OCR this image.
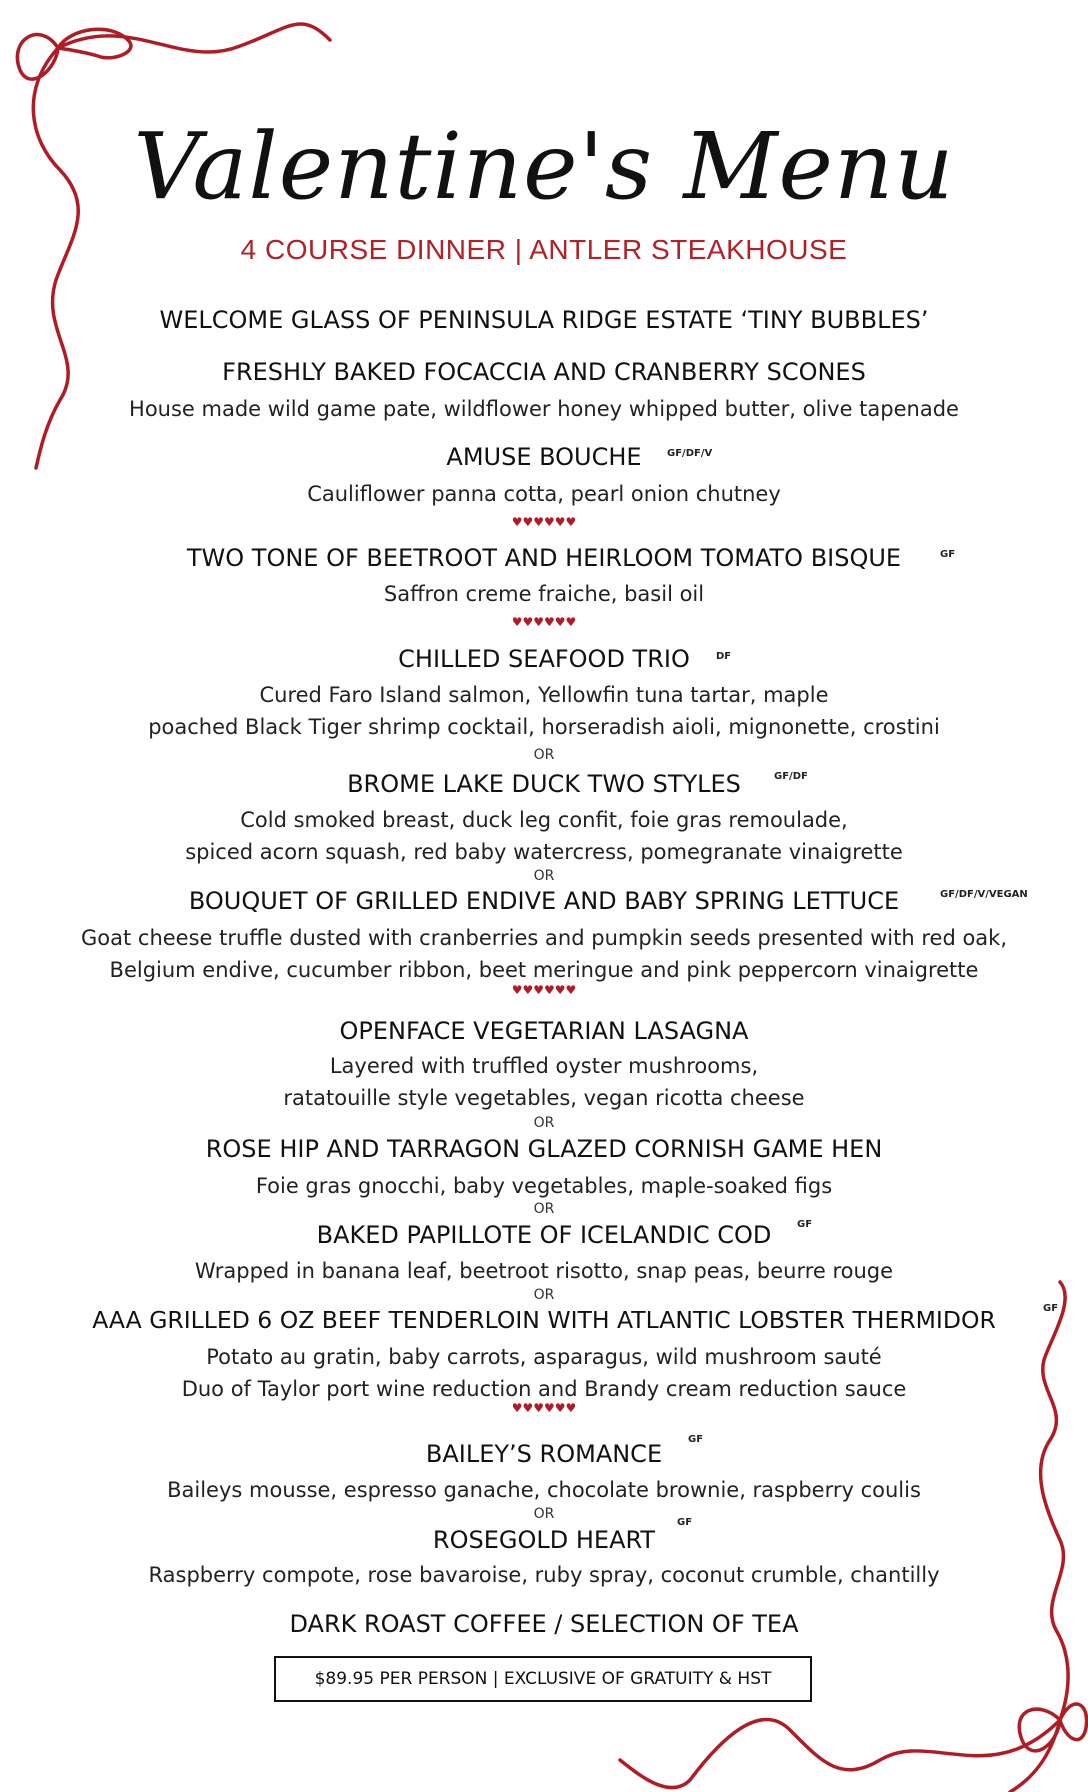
Valentine's Menu
4 COURSE DINNER | ANTLER STEAKHOUSE
WELCOME GLASS OF PENINSULA RIDGE ESTATE ‘TINY BUBBLES’
FRESHLY BAKED FOCACCIA AND CRANBERRY SCONES
House made wild game pate, wildflower honey whipped butter, olive tapenade
AMUSE BOUCHE	GF/DF/V
Cauliflower panna cotta, pearl onion chutney
♥♥♥♥♥♥
TWO TONE OF BEETROOT AND HEIRLOOM TOMATO BISQUE	GF
Saffron creme fraiche, basil oil
♥♥♥♥♥♥
CHILLED SEAFOOD TRIO	DF
Cured Faro Island salmon, Yellowfin tuna tartar, maple
poached Black Tiger shrimp cocktail, horseradish aioli, mignonette, crostini
OR
BROME LAKE DUCK TWO STYLES	GF/DF
Cold smoked breast, duck leg confit, foie gras remoulade,
spiced acorn squash, red baby watercress, pomegranate vinaigrette
OR
BOUQUET OF GRILLED ENDIVE AND BABY SPRING LETTUCE	GF/DF/V/VEGAN
Goat cheese truffle dusted with cranberries and pumpkin seeds presented with red oak,
Belgium endive, cucumber ribbon, beet meringue and pink peppercorn vinaigrette
♥♥♥♥♥♥
OPENFACE VEGETARIAN LASAGNA
Layered with truffled oyster mushrooms,
ratatouille style vegetables, vegan ricotta cheese
OR
ROSE HIP AND TARRAGON GLAZED CORNISH GAME HEN
Foie gras gnocchi, baby vegetables, maple-soaked figs
OR
BAKED PAPILLOTE OF ICELANDIC COD	GF
Wrapped in banana leaf, beetroot risotto, snap peas, beurre rouge
OR
AAA GRILLED 6 OZ BEEF TENDERLOIN WITH ATLANTIC LOBSTER THERMIDOR	GF
Potato au gratin, baby carrots, asparagus, wild mushroom sauté
Duo of Taylor port wine reduction and Brandy cream reduction sauce
♥♥♥♥♥♥
BAILEY’S ROMANCE
GF
Baileys mousse, espresso ganache, chocolate brownie, raspberry coulis
OR
ROSEGOLD HEART
GF
Raspberry compote, rose bavaroise, ruby spray, coconut crumble, chantilly
DARK ROAST COFFEE / SELECTION OF TEA
$89.95 PER PERSON | EXCLUSIVE OF GRATUITY & HST
